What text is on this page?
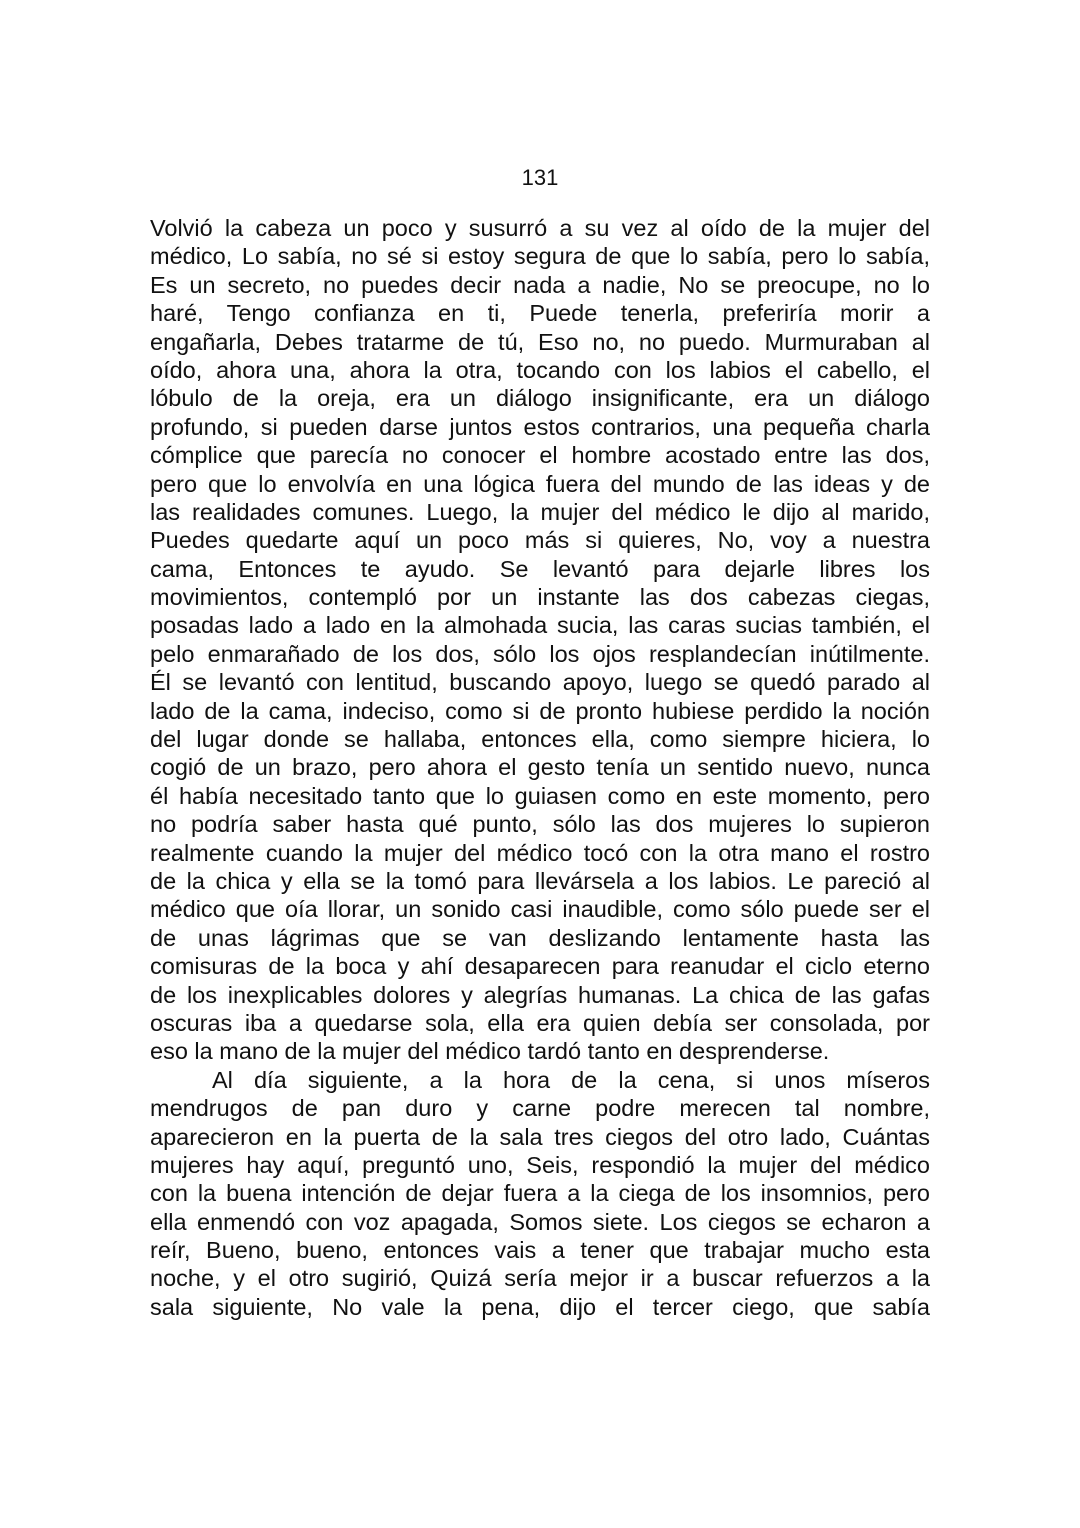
131
Volvió la cabeza un poco y susurró a su vez al oído de la mujer del
médico, Lo sabía, no sé si estoy segura de que lo sabía, pero lo sabía,
Es un secreto, no puedes decir nada a nadie, No se preocupe, no lo
haré, Tengo confianza en ti, Puede tenerla, preferiría morir a
engañarla, Debes tratarme de tú, Eso no, no puedo. Murmuraban al
oído, ahora una, ahora la otra, tocando con los labios el cabello, el
lóbulo de la oreja, era un diálogo insignificante, era un diálogo
profundo, si pueden darse juntos estos contrarios, una pequeña charla
cómplice que parecía no conocer el hombre acostado entre las dos,
pero que lo envolvía en una lógica fuera del mundo de las ideas y de
las realidades comunes. Luego, la mujer del médico le dijo al marido,
Puedes quedarte aquí un poco más si quieres, No, voy a nuestra
cama, Entonces te ayudo. Se levantó para dejarle libres los
movimientos, contempló por un instante las dos cabezas ciegas,
posadas lado a lado en la almohada sucia, las caras sucias también, el
pelo enmarañado de los dos, sólo los ojos resplandecían inútilmente.
Él se levantó con lentitud, buscando apoyo, luego se quedó parado al
lado de la cama, indeciso, como si de pronto hubiese perdido la noción
del lugar donde se hallaba, entonces ella, como siempre hiciera, lo
cogió de un brazo, pero ahora el gesto tenía un sentido nuevo, nunca
él había necesitado tanto que lo guiasen como en este momento, pero
no podría saber hasta qué punto, sólo las dos mujeres lo supieron
realmente cuando la mujer del médico tocó con la otra mano el rostro
de la chica y ella se la tomó para llevársela a los labios. Le pareció al
médico que oía llorar, un sonido casi inaudible, como sólo puede ser el
de unas lágrimas que se van deslizando lentamente hasta las
comisuras de la boca y ahí desaparecen para reanudar el ciclo eterno
de los inexplicables dolores y alegrías humanas. La chica de las gafas
oscuras iba a quedarse sola, ella era quien debía ser consolada, por
eso la mano de la mujer del médico tardó tanto en desprenderse.
Al día siguiente, a la hora de la cena, si unos míseros
mendrugos de pan duro y carne podre merecen tal nombre,
aparecieron en la puerta de la sala tres ciegos del otro lado, Cuántas
mujeres hay aquí, preguntó uno, Seis, respondió la mujer del médico
con la buena intención de dejar fuera a la ciega de los insomnios, pero
ella enmendó con voz apagada, Somos siete. Los ciegos se echaron a
reír, Bueno, bueno, entonces vais a tener que trabajar mucho esta
noche, y el otro sugirió, Quizá sería mejor ir a buscar refuerzos a la
sala siguiente, No vale la pena, dijo el tercer ciego, que sabía
